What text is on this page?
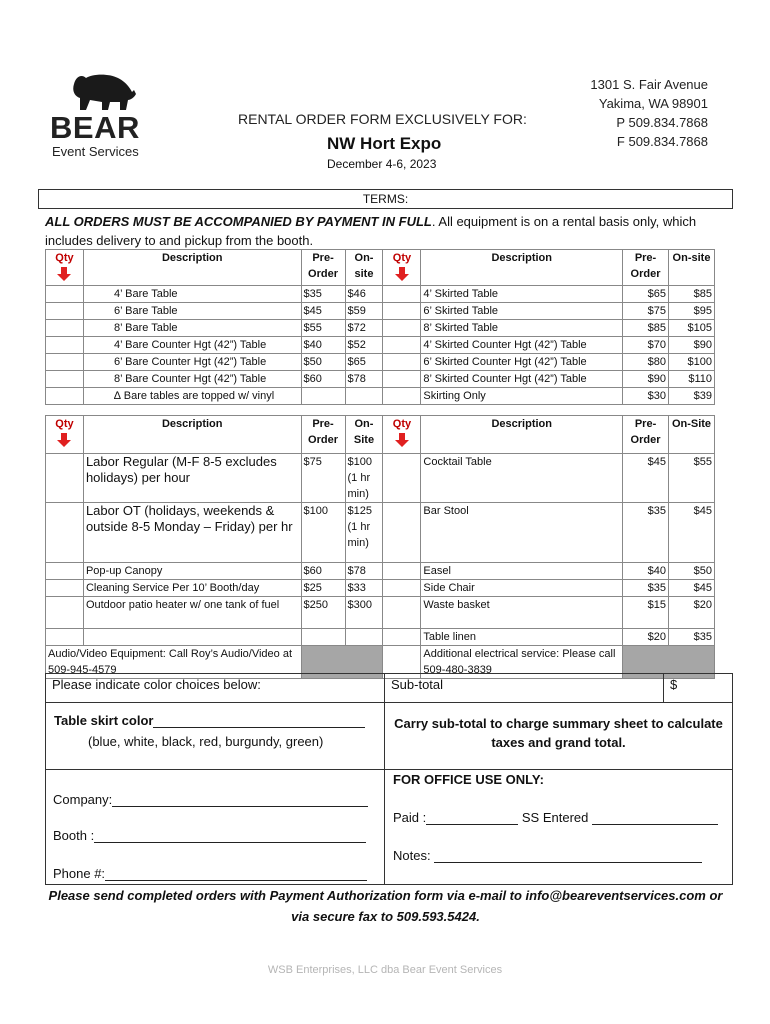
BEAR
Event Services
RENTAL ORDER FORM EXCLUSIVELY FOR:
NW Hort Expo
December 4-6, 2023
1301 S. Fair Avenue
Yakima, WA 98901
P 509.834.7868
F 509.834.7868
TERMS:
ALL ORDERS MUST BE ACCOMPANIED BY PAYMENT IN FULL. All equipment is on a rental basis only, which includes delivery to and pickup from the booth.
Qty	Description	Pre-Order	On-site	Qty	Description	Pre-Order	On-site
	4’ Bare Table	$35	$46		4’ Skirted Table	$65	$85
	6’ Bare Table	$45	$59		6’ Skirted Table	$75	$95
	8’ Bare Table	$55	$72		8’ Skirted Table	$85	$105
	4’ Bare Counter Hgt (42”) Table	$40	$52		4’ Skirted Counter Hgt (42”) Table	$70	$90
	6’ Bare Counter Hgt (42”) Table	$50	$65		6’ Skirted Counter Hgt (42”) Table	$80	$100
	8’ Bare Counter Hgt (42”) Table	$60	$78		8’ Skirted Counter Hgt (42”) Table	$90	$110
	∆ Bare tables are topped w/ vinyl				Skirting Only	$30	$39
Qty	Description	Pre-Order	On-Site	Qty	Description	Pre-Order	On-Site
	Labor Regular (M-F 8-5 excludes holidays) per hour	$75	$100 (1 hr min)		Cocktail Table	$45	$55
	Labor OT (holidays, weekends & outside 8-5 Monday – Friday) per hr	$100	$125 (1 hr min)		Bar Stool	$35	$45
	Pop-up Canopy	$60	$78		Easel	$40	$50
	Cleaning Service Per 10’ Booth/day	$25	$33		Side Chair	$35	$45
	Outdoor patio heater w/ one tank of fuel	$250	$300		Waste basket	$15	$20
					Table linen	$20	$35
Audio/Video Equipment: Call Roy’s Audio/Video at 509-945-4579					Additional electrical service: Please call 509-480-3839		
Please indicate color choices below:	Sub-total	$
Table skirt color
(blue, white, black, red, burgundy, green)
Carry sub-total to charge summary sheet to calculate taxes and grand total.
Company:
Booth :
Phone #:
FOR OFFICE USE ONLY:
Paid :	SS Entered
Notes:
Please send completed orders with Payment Authorization form via e-mail to info@beareventservices.com or via secure fax to 509.593.5424.
WSB Enterprises, LLC dba Bear Event Services
